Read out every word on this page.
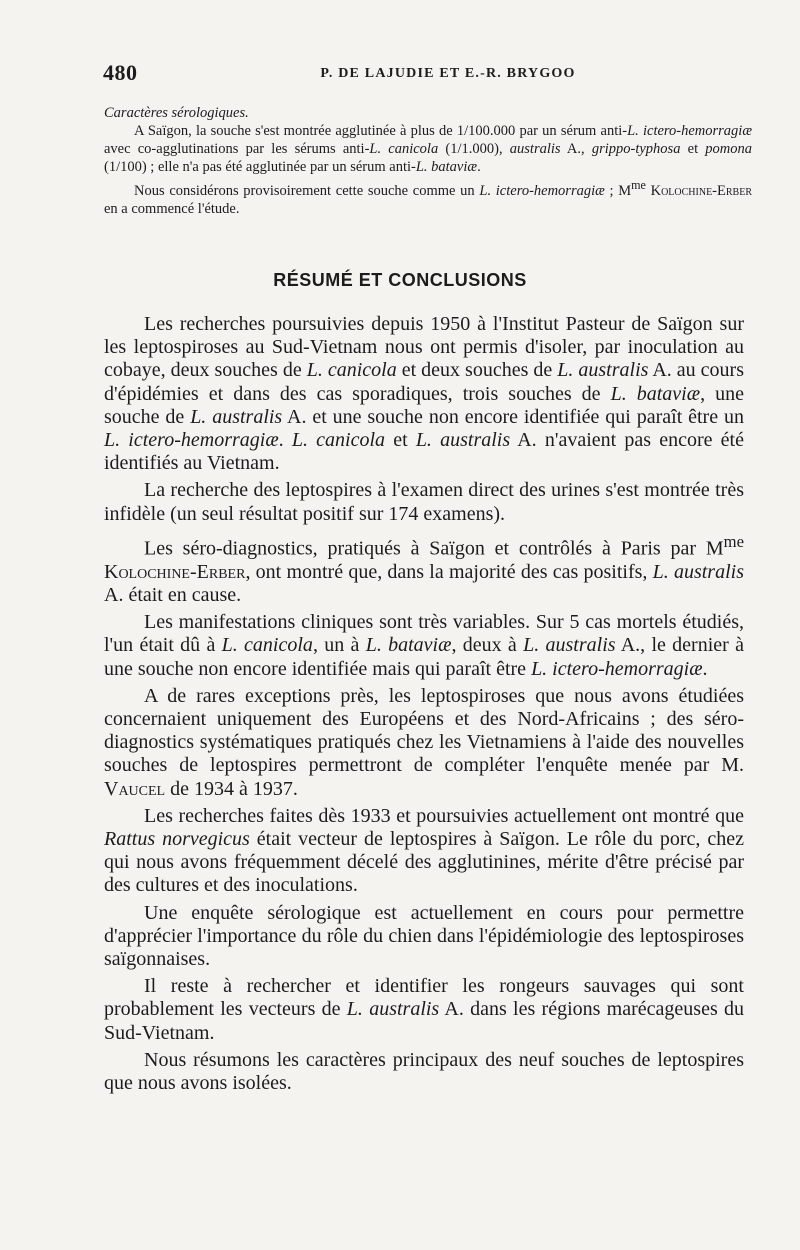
480	P. DE LAJUDIE ET E.-R. BRYGOO

Caractères sérologiques.

A Saïgon, la souche s'est montrée agglutinée à plus de 1/100.000 par un sérum anti-L. ictero-hemorragiæ avec co-agglutinations par les sérums anti-L. canicola (1/1.000), australis A., grippo-typhosa et pomona (1/100) ; elle n'a pas été agglutinée par un sérum anti-L. bataviæ.

Nous considérons provisoirement cette souche comme un L. ictero-hemorragiæ ; $M^{me}$ Kolochine-Erber en a commencé l'étude.

RÉSUMÉ ET CONCLUSIONS

Les recherches poursuivies depuis 1950 à l'Institut Pasteur de Saïgon sur les leptospiroses au Sud-Vietnam nous ont permis d'isoler, par inoculation au cobaye, deux souches de L. canicola et deux souches de L. australis A. au cours d'épidémies et dans des cas sporadiques, trois souches de L. bataviæ, une souche de L. australis A. et une souche non encore identifiée qui paraît être un L. ictero-hemorragiæ. L. canicola et L. australis A. n'avaient pas encore été identifiés au Vietnam.

La recherche des leptospires à l'examen direct des urines s'est montrée très infidèle (un seul résultat positif sur 174 examens).

Les séro-diagnostics, pratiqués à Saïgon et contrôlés à Paris par $M^{me}$ Kolochine-Erber, ont montré que, dans la majorité des cas positifs, L. australis A. était en cause.

Les manifestations cliniques sont très variables. Sur 5 cas mortels étudiés, l'un était dû à L. canicola, un à L. bataviæ, deux à L. australis A., le dernier à une souche non encore identifiée mais qui paraît être L. ictero-hemorragiæ.

A de rares exceptions près, les leptospiroses que nous avons étudiées concernaient uniquement des Européens et des Nord-Africains ; des séro-diagnostics systématiques pratiqués chez les Vietnamiens à l'aide des nouvelles souches de leptospires permettront de compléter l'enquête menée par M. Vaucel de 1934 à 1937.

Les recherches faites dès 1933 et poursuivies actuellement ont montré que Rattus norvegicus était vecteur de leptospires à Saïgon. Le rôle du porc, chez qui nous avons fréquemment décelé des agglutinines, mérite d'être précisé par des cultures et des inoculations.

Une enquête sérologique est actuellement en cours pour permettre d'apprécier l'importance du rôle du chien dans l'épidémiologie des leptospiroses saïgonnaises.

Il reste à rechercher et identifier les rongeurs sauvages qui sont probablement les vecteurs de L. australis A. dans les régions marécageuses du Sud-Vietnam.

Nous résumons les caractères principaux des neuf souches de leptospires que nous avons isolées.
